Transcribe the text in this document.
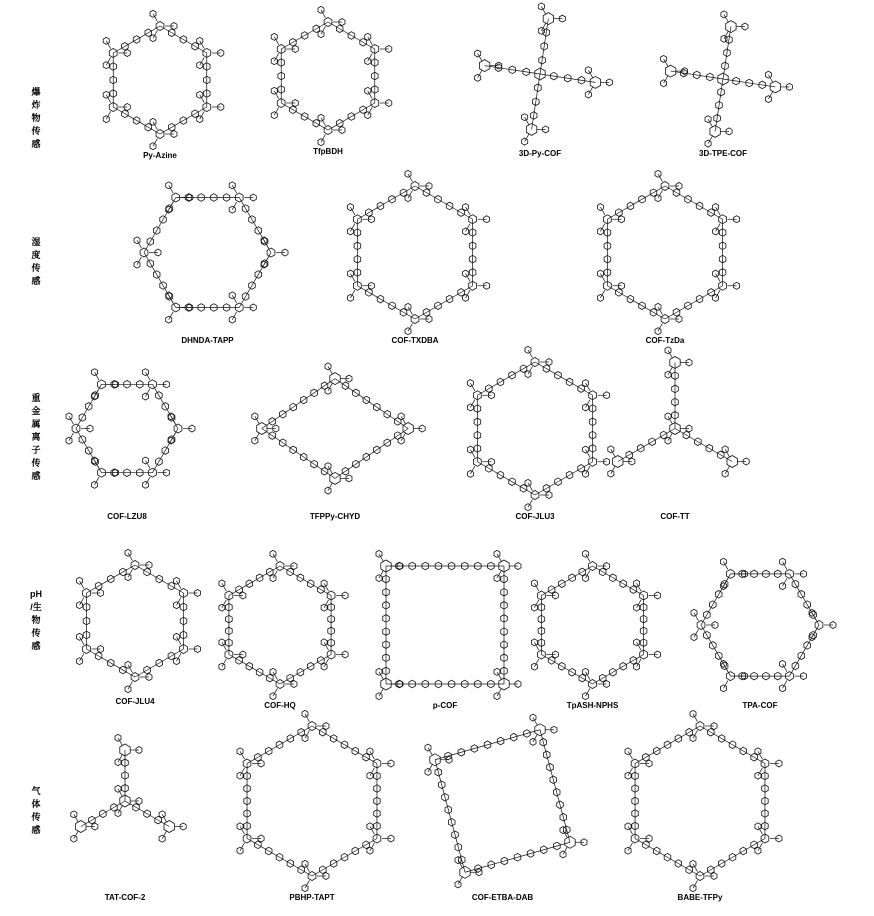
爆
炸
物
传
感
湿
度
传
感
重
金
属
离
子
传
感
pH
/生
物
传
感
气
体
传
感
Py-Azine	TfpBDH	3D-Py-COF	3D-TPE-COF
DHNDA-TAPP	COF-TXDBA	COF-TzDa
COF-LZU8	TFPPy-CHYD	COF-JLU3	COF-TT
COF-JLU4	COF-HQ	p-COF	TpASH-NPHS	TPA-COF
TAT-COF-2	PBHP-TAPT	COF-ETBA-DAB	BABE-TFPy
